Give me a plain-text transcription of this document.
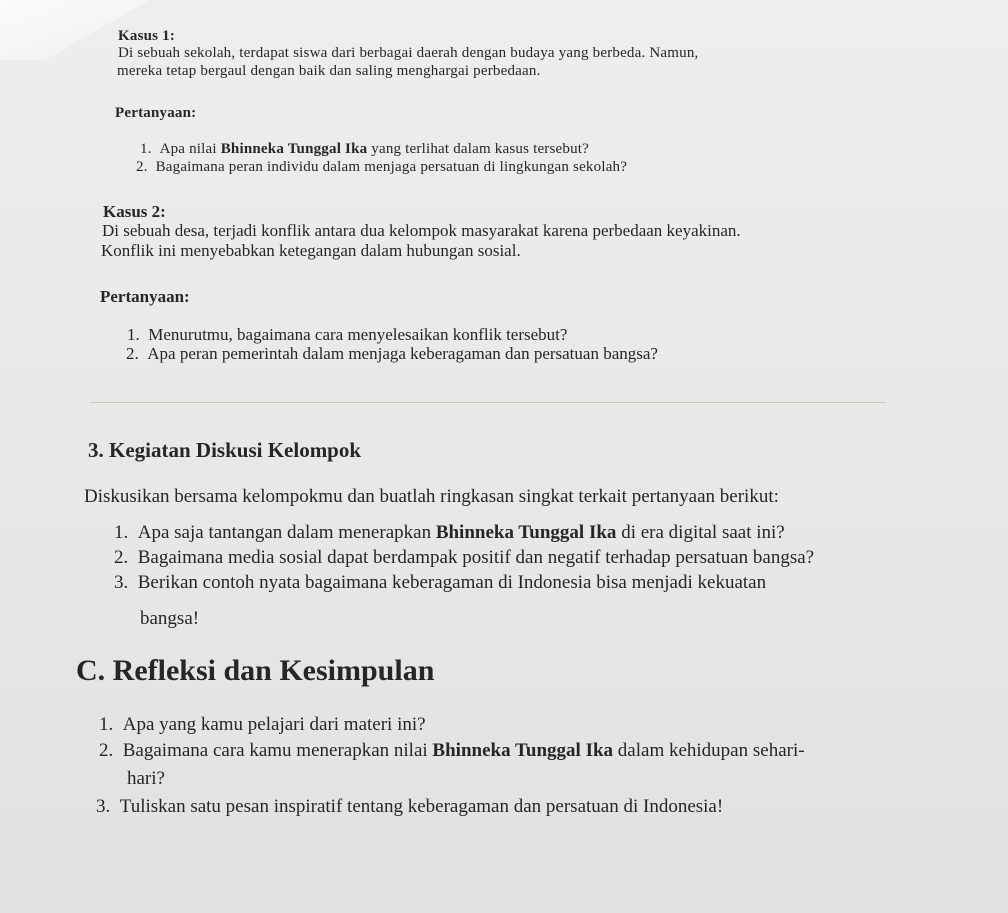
Kasus 1:
Di sebuah sekolah, terdapat siswa dari berbagai daerah dengan budaya yang berbeda. Namun,
mereka tetap bergaul dengan baik dan saling menghargai perbedaan.
Pertanyaan:
1. Apa nilai Bhinneka Tunggal Ika yang terlihat dalam kasus tersebut?
2. Bagaimana peran individu dalam menjaga persatuan di lingkungan sekolah?
Kasus 2:
Di sebuah desa, terjadi konflik antara dua kelompok masyarakat karena perbedaan keyakinan.
Konflik ini menyebabkan ketegangan dalam hubungan sosial.
Pertanyaan:
1. Menurutmu, bagaimana cara menyelesaikan konflik tersebut?
2. Apa peran pemerintah dalam menjaga keberagaman dan persatuan bangsa?
3. Kegiatan Diskusi Kelompok
Diskusikan bersama kelompokmu dan buatlah ringkasan singkat terkait pertanyaan berikut:
1. Apa saja tantangan dalam menerapkan Bhinneka Tunggal Ika di era digital saat ini?
2. Bagaimana media sosial dapat berdampak positif dan negatif terhadap persatuan bangsa?
3. Berikan contoh nyata bagaimana keberagaman di Indonesia bisa menjadi kekuatan
bangsa!
C. Refleksi dan Kesimpulan
1. Apa yang kamu pelajari dari materi ini?
2. Bagaimana cara kamu menerapkan nilai Bhinneka Tunggal Ika dalam kehidupan sehari-
hari?
3. Tuliskan satu pesan inspiratif tentang keberagaman dan persatuan di Indonesia!
